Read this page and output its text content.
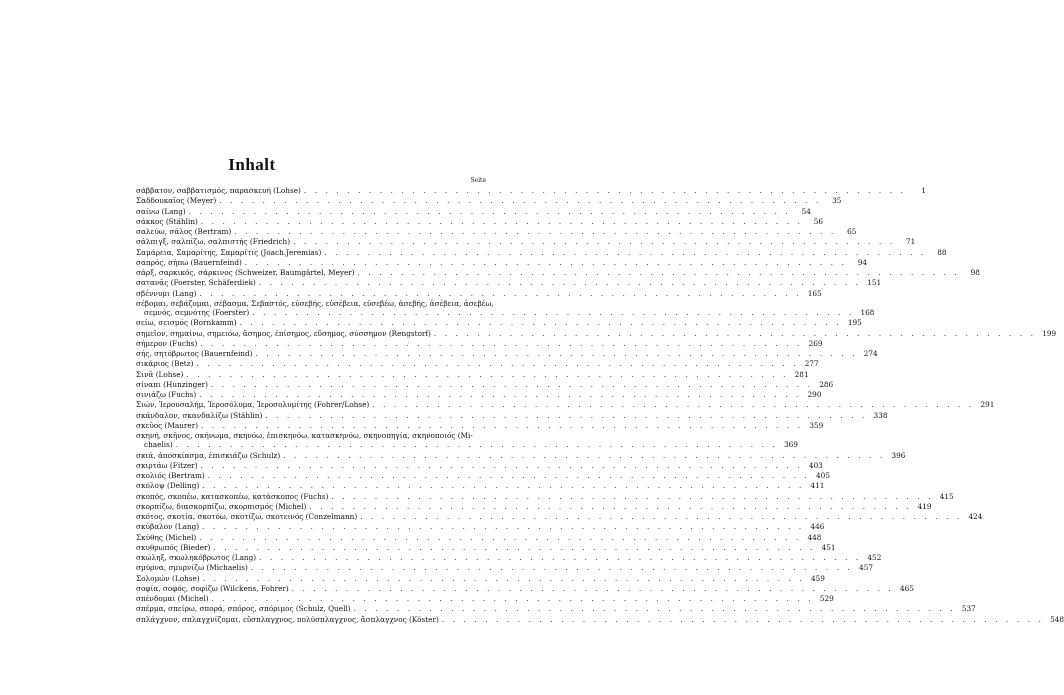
Inhalt
Seite
σάββατον, σαββατισμός, παρασκευή (Lohse) . . . . . . . . . . . . . . . . . . . . . . . . . . . . . . . . . . . . . . . . . . . . . . . . . . . . . . . .	1
Σαδδουκαῖος (Meyer) . . . . . . . . . . . . . . . . . . . . . . . . . . . . . . . . . . . . . . . . . . . . . . . . . . . . . . . .	35
σαίνω (Lang) . . . . . . . . . . . . . . . . . . . . . . . . . . . . . . . . . . . . . . . . . . . . . . . . . . . . . . . .	54
σάκκος (Stählin) . . . . . . . . . . . . . . . . . . . . . . . . . . . . . . . . . . . . . . . . . . . . . . . . . . . . . . . .	56
σαλεύω, σάλος (Bertram) . . . . . . . . . . . . . . . . . . . . . . . . . . . . . . . . . . . . . . . . . . . . . . . . . . . . . . . .	65
σάλπιγξ, σαλπίζω, σαλπιστής (Friedrich) . . . . . . . . . . . . . . . . . . . . . . . . . . . . . . . . . . . . . . . . . . . . . . . . . . . . . . . .	71
Σαμάρεια, Σαμαρίτης, Σαμαρῖτις (Joach.Jeremias) . . . . . . . . . . . . . . . . . . . . . . . . . . . . . . . . . . . . . . . . . . . . . . . . . . . . . . . .	88
σαπρός, σήπω (Bauernfeind) . . . . . . . . . . . . . . . . . . . . . . . . . . . . . . . . . . . . . . . . . . . . . . . . . . . . . . . .	94
σάρξ, σαρκικός, σάρκινος (Schweizer, Baumgärtel, Meyer) . . . . . . . . . . . . . . . . . . . . . . . . . . . . . . . . . . . . . . . . . . . . . . . . . . . . . . . .	98
σατανᾶς (Foerster, Schäferdiek) . . . . . . . . . . . . . . . . . . . . . . . . . . . . . . . . . . . . . . . . . . . . . . . . . . . . . . . . 151
σβέννυμι (Lang) . . . . . . . . . . . . . . . . . . . . . . . . . . . . . . . . . . . . . . . . . . . . . . . . . . . . . . . . 165
σέβομαι, σεβάζομαι, σέβασμα, Σεβαστός, εὐσεβής, εὐσέβεια, εὐσεβέω, ἀσεβής, ἀσέβεια, ἀσεβέω,
σεμνός, σεμνότης (Foerster) . . . . . . . . . . . . . . . . . . . . . . . . . . . . . . . . . . . . . . . . . . . . . . . . . . . . . . . . 168
σείω, σεισμός (Bornkamm) . . . . . . . . . . . . . . . . . . . . . . . . . . . . . . . . . . . . . . . . . . . . . . . . . . . . . . . . 195
σημεῖον, σημαίνω, σημειόω, ἄσημος, ἐπίσημος, εὔσημος, σύσσημον (Rengstorf) . . . . . . . . . . . . . . . . . . . . . . . . . . . . . . . . . . . . . . . . . . . . . . . . . . . . . . . . 199
σήμερον (Fuchs) . . . . . . . . . . . . . . . . . . . . . . . . . . . . . . . . . . . . . . . . . . . . . . . . . . . . . . . . 269
σής, σητόβρωτος (Bauernfeind) . . . . . . . . . . . . . . . . . . . . . . . . . . . . . . . . . . . . . . . . . . . . . . . . . . . . . . . . 274
σικάριος (Betz) . . . . . . . . . . . . . . . . . . . . . . . . . . . . . . . . . . . . . . . . . . . . . . . . . . . . . . . . 277
Σινᾶ (Lohse) . . . . . . . . . . . . . . . . . . . . . . . . . . . . . . . . . . . . . . . . . . . . . . . . . . . . . . . . 281
σίναπι (Hunzinger) . . . . . . . . . . . . . . . . . . . . . . . . . . . . . . . . . . . . . . . . . . . . . . . . . . . . . . . . 286
σινιάζω (Fuchs) . . . . . . . . . . . . . . . . . . . . . . . . . . . . . . . . . . . . . . . . . . . . . . . . . . . . . . . . 290
Σιών, Ἰερουσαλήμ, Ἱεροσόλυμα, Ἱεροσολυμίτης (Fohrer/Lohse) . . . . . . . . . . . . . . . . . . . . . . . . . . . . . . . . . . . . . . . . . . . . . . . . . . . . . . . . 291
σκάνδαλον, σκανδαλίζω (Stählin) . . . . . . . . . . . . . . . . . . . . . . . . . . . . . . . . . . . . . . . . . . . . . . . . . . . . . . . . 338
σκεῦος (Maurer) . . . . . . . . . . . . . . . . . . . . . . . . . . . . . . . . . . . . . . . . . . . . . . . . . . . . . . . . 359
σκηνή, σκῆνος, σκήνωμα, σκηνόω, ἐπισκηνόω, κατασκηνόω, σκηνοπηγία, σκηνοποιός (Mi-
chaelis) . . . . . . . . . . . . . . . . . . . . . . . . . . . . . . . . . . . . . . . . . . . . . . . . . . . . . . . . 369
σκιά, ἀποσκίασμα, ἐπισκιάζω (Schulz) . . . . . . . . . . . . . . . . . . . . . . . . . . . . . . . . . . . . . . . . . . . . . . . . . . . . . . . . 396
σκιρτάω (Fitzer) . . . . . . . . . . . . . . . . . . . . . . . . . . . . . . . . . . . . . . . . . . . . . . . . . . . . . . . . 403
σκολιός (Bertram) . . . . . . . . . . . . . . . . . . . . . . . . . . . . . . . . . . . . . . . . . . . . . . . . . . . . . . . . 405
σκόλοψ (Delling) . . . . . . . . . . . . . . . . . . . . . . . . . . . . . . . . . . . . . . . . . . . . . . . . . . . . . . . . 411
σκοπός, σκοπέω, κατασκοπέω, κατάσκοπος (Fuchs) . . . . . . . . . . . . . . . . . . . . . . . . . . . . . . . . . . . . . . . . . . . . . . . . . . . . . . . . 415
σκορπίζω, διασκορπίζω, σκορπισμός (Michel) . . . . . . . . . . . . . . . . . . . . . . . . . . . . . . . . . . . . . . . . . . . . . . . . . . . . . . . . 419
σκότος, σκοτία, σκοτόω, σκοτίζω, σκοτεινός (Conzelmann) . . . . . . . . . . . . . . . . . . . . . . . . . . . . . . . . . . . . . . . . . . . . . . . . . . . . . . . . 424
σκύβαλον (Lang) . . . . . . . . . . . . . . . . . . . . . . . . . . . . . . . . . . . . . . . . . . . . . . . . . . . . . . . . 446
Σκύθης (Michel) . . . . . . . . . . . . . . . . . . . . . . . . . . . . . . . . . . . . . . . . . . . . . . . . . . . . . . . . 448
σκυθρωπός (Bieder) . . . . . . . . . . . . . . . . . . . . . . . . . . . . . . . . . . . . . . . . . . . . . . . . . . . . . . . . 451
σκώληξ, σκωληκόβρωτος (Lang) . . . . . . . . . . . . . . . . . . . . . . . . . . . . . . . . . . . . . . . . . . . . . . . . . . . . . . . . 452
σμύρνα, σμυρνίζω (Michaelis) . . . . . . . . . . . . . . . . . . . . . . . . . . . . . . . . . . . . . . . . . . . . . . . . . . . . . . . . 457
Σολομών (Lohse) . . . . . . . . . . . . . . . . . . . . . . . . . . . . . . . . . . . . . . . . . . . . . . . . . . . . . . . . 459
σοφία, σοφός, σοφίζω (Wilckens, Fohrer) . . . . . . . . . . . . . . . . . . . . . . . . . . . . . . . . . . . . . . . . . . . . . . . . . . . . . . . . 465
σπένδομαι (Michel) . . . . . . . . . . . . . . . . . . . . . . . . . . . . . . . . . . . . . . . . . . . . . . . . . . . . . . . . 529
σπέρμα, σπείρω, σπορά, σπόρος, σπόριμος (Schulz, Quell) . . . . . . . . . . . . . . . . . . . . . . . . . . . . . . . . . . . . . . . . . . . . . . . . . . . . . . . . 537
σπλάγχνον, σπλαγχνίζομαι, εὔσπλαγχνος, πολύσπλαγχνος, ἄσπλαγχνος (Köster) . . . . . . . . . . . . . . . . . . . . . . . . . . . . . . . . . . . . . . . . . . . . . . . . . . . . . . . . 548
